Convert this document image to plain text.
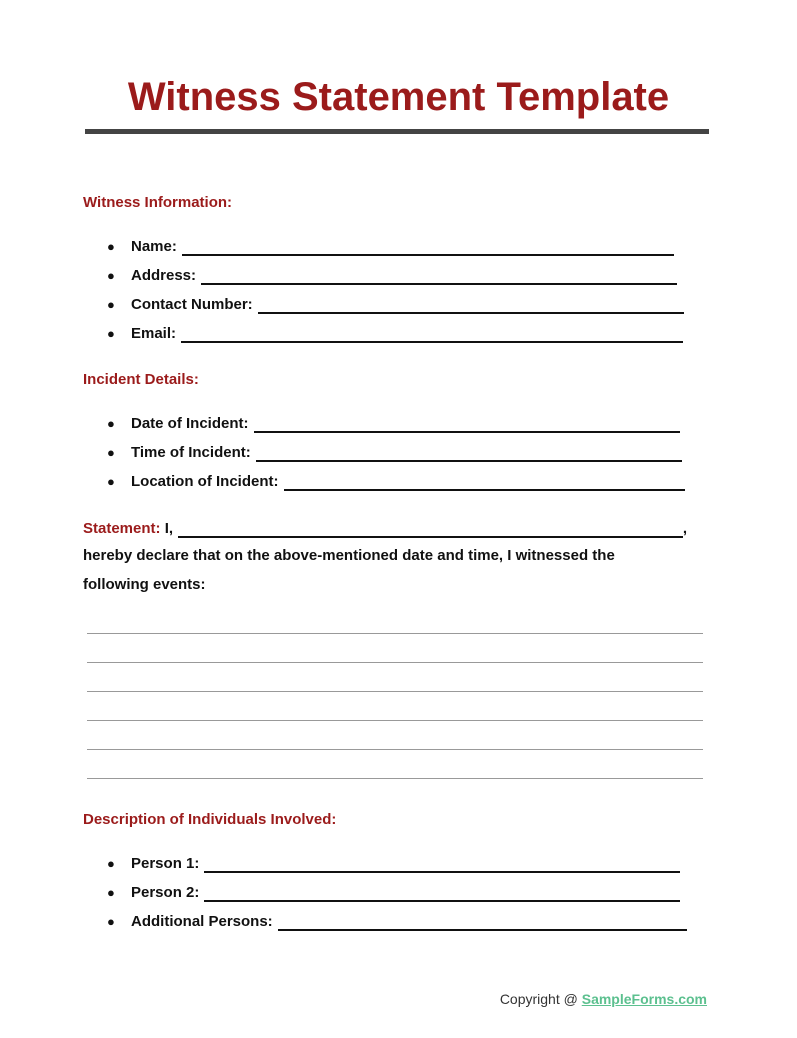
Witness Statement Template
Witness Information:
●	Name:
●	Address:
●	Contact Number:
●	Email:
Incident Details:
●	Date of Incident:
●	Time of Incident:
●	Location of Incident:
Statement:
I,	,
hereby declare that on the above-mentioned date and time, I witnessed the
following events:
Description of Individuals Involved:
●	Person 1:
●	Person 2:
●	Additional Persons:
Copyright @ SampleForms.com
